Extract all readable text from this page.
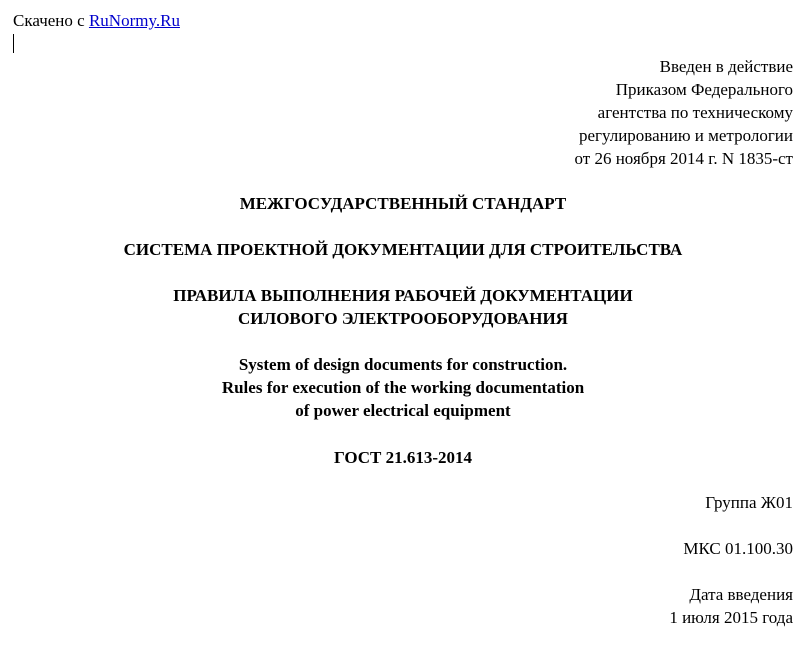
Скачено с RuNormy.Ru
Введен в действие
Приказом Федерального
агентства по техническому
регулированию и метрологии
от 26 ноября 2014 г. N 1835-ст
МЕЖГОСУДАРСТВЕННЫЙ СТАНДАРТ
СИСТЕМА ПРОЕКТНОЙ ДОКУМЕНТАЦИИ ДЛЯ СТРОИТЕЛЬСТВА
ПРАВИЛА ВЫПОЛНЕНИЯ РАБОЧЕЙ ДОКУМЕНТАЦИИ
СИЛОВОГО ЭЛЕКТРООБОРУДОВАНИЯ
System of design documents for construction.
Rules for execution of the working documentation
of power electrical equipment
ГОСТ 21.613-2014
Группа Ж01
МКС 01.100.30
Дата введения
1 июля 2015 года
